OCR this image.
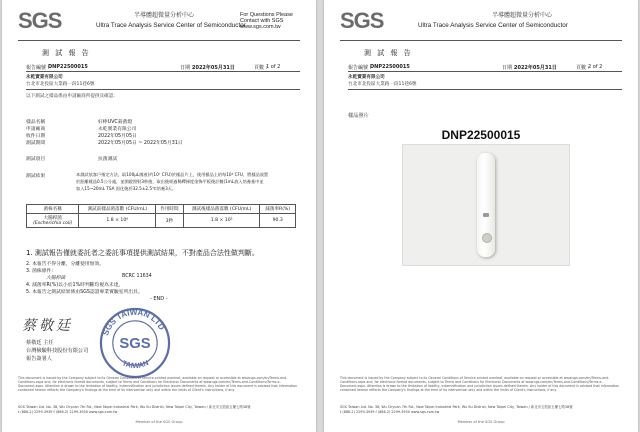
SGS	半導體超微量分析中心
Ultra Trace Analysis Service Center of Semiconductor
For Questions Please
Contact with SGS
www.sgs.com.tw
測 試 報 告
報告編號 :
DNP22500015	日期 :
2022年05月31日	頁數 :
1 of 2
永乾實業有限公司
台北市北投區大業路一段11巷6號
以下測試之樣品係由申請廠商所提供及確認：
樣品名稱	好棒UVC殺菌燈
申請廠商	永乾實業有限公司
收件日期	2022年05月05日
測試期間	2022年05月05日 ~ 2022年05月31日
測試項目	抗菌測試
測試結果	本測試依客戶指定方法，取100μL菌液(約10⁷ CFU)於樣品片上，使用樣品上的每10⁴ CFU，將樣品放置
於距離樣品0.5公分處，並開啟照射3秒後，取出後經過稀釋梯度塗佈平板後計數(1mL放入培養基中並
加入15~20mL TSA 固化後於32.5±2.5℃培養3天。
菌株名稱	測試前樣品菌落數 (CFU/mL)	作用時間	測試後樣品菌落數 (CFU/mL)	減菌率R(%)

大腸桿菌
(Escherichia coli)	1.8 × 10⁶	3秒	1.8 × 10⁵	90.3
1. 測試報告僅就委託者之委託事項提供測試結果，不對產品合法性做判斷。
2. 本報告不得分離，分離使用無效。
3. 菌株條件：
大腸桿菌	BCRC 11634
4. 減菌率R(%)以小於1%時判斷均視為未達。
5. 本報告之測試結果係由SGS認證專業實驗室所出具。
- END -
蔡敬廷	SGS TAIWAN LTD
TAIWAN
SGS
蔡敬廷 主任
台灣檢驗科技股份有限公司
報告簽署人
This document is issued by the Company subject to its General Conditions of Service printed overleaf, available on request or accessible at www.sgs.com/en/Terms-and-Conditions.aspx and, for electronic format documents, subject to Terms and Conditions for Electronic Documents at www.sgs.com/en/Terms-and-Conditions/Terms-e-Document.aspx. Attention is drawn to the limitation of liability, indemnification and jurisdiction issues defined therein. Any holder of this document is advised that information contained hereon reflects the Company's findings at the time of its intervention only and within the limits of Client's instructions, if any.
SGS Taiwan Ltd. No. 38, Wu Chyuan 7th Rd., New Taipei Industrial Park, Wu Ku District, New Taipei City, Taiwan / 新北市五股區五權七路38號
t (886-2) 2299-3939 f (886-2) 2299-3930 www.sgs.com.tw
Member of the SGS Group
SGS	半導體超微量分析中心
Ultra Trace Analysis Service Center of Semiconductor
測 試 報 告
報告編號 :
DNP22500015	日期 :
2022年05月31日	頁數 :
2 of 2
永乾實業有限公司
台北市北投區大業路一段11巷6號
樣品照片
DNP22500015
This document is issued by the Company subject to its General Conditions of Service printed overleaf, available on request or accessible at www.sgs.com/en/Terms-and-Conditions.aspx and, for electronic format documents, subject to Terms and Conditions for Electronic Documents at www.sgs.com/en/Terms-and-Conditions/Terms-e-Document.aspx. Attention is drawn to the limitation of liability, indemnification and jurisdiction issues defined therein. Any holder of this document is advised that information contained hereon reflects the Company's findings at the time of its intervention only and within the limits of Client's instructions, if any.
SGS Taiwan Ltd. No. 38, Wu Chyuan 7th Rd., New Taipei Industrial Park, Wu Ku District, New Taipei City, Taiwan / 新北市五股區五權七路38號
t (886-2) 2299-3939 f (886-2) 2299-3930 www.sgs.com.tw
Member of the SGS Group
